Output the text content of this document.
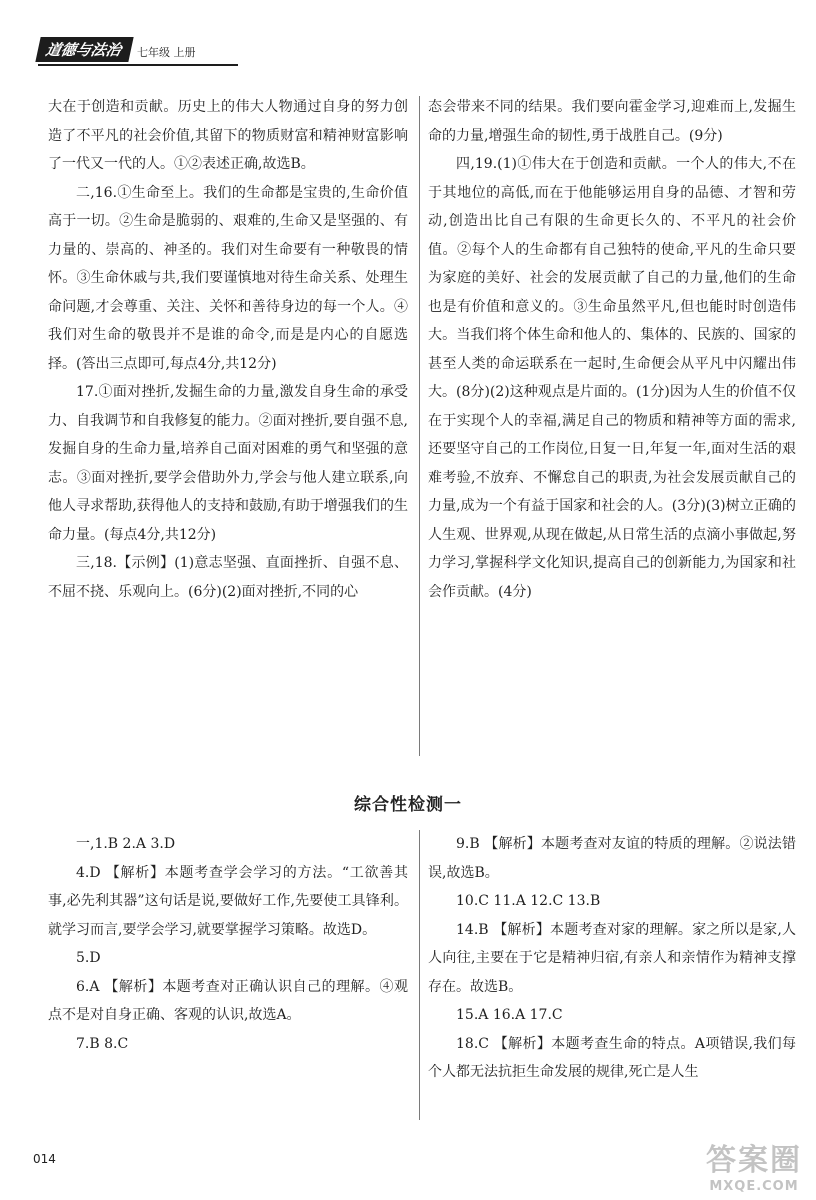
道德与法治	七年级 上册

大在于创造和贡献。历史上的伟大人物通过自身的努力创造了不平凡的社会价值,其留下的物质财富和精神财富影响了一代又一代的人。①②表述正确,故选B。

二,16.①生命至上。我们的生命都是宝贵的,生命价值高于一切。②生命是脆弱的、艰难的,生命又是坚强的、有力量的、崇高的、神圣的。我们对生命要有一种敬畏的情怀。③生命休戚与共,我们要谨慎地对待生命关系、处理生命问题,才会尊重、关注、关怀和善待身边的每一个人。④我们对生命的敬畏并不是谁的命令,而是是内心的自愿选择。(答出三点即可,每点4分,共12分)

17.①面对挫折,发掘生命的力量,激发自身生命的承受力、自我调节和自我修复的能力。②面对挫折,要自强不息,发掘自身的生命力量,培养自己面对困难的勇气和坚强的意志。③面对挫折,要学会借助外力,学会与他人建立联系,向他人寻求帮助,获得他人的支持和鼓励,有助于增强我们的生命力量。(每点4分,共12分)

三,18.【示例】(1)意志坚强、直面挫折、自强不息、不屈不挠、乐观向上。(6分)(2)面对挫折,不同的心

态会带来不同的结果。我们要向霍金学习,迎难而上,发掘生命的力量,增强生命的韧性,勇于战胜自己。(9分)

四,19.(1)①伟大在于创造和贡献。一个人的伟大,不在于其地位的高低,而在于他能够运用自身的品德、才智和劳动,创造出比自己有限的生命更长久的、不平凡的社会价值。②每个人的生命都有自己独特的使命,平凡的生命只要为家庭的美好、社会的发展贡献了自己的力量,他们的生命也是有价值和意义的。③生命虽然平凡,但也能时时创造伟大。当我们将个体生命和他人的、集体的、民族的、国家的甚至人类的命运联系在一起时,生命便会从平凡中闪耀出伟大。(8分)(2)这种观点是片面的。(1分)因为人生的价值不仅在于实现个人的幸福,满足自己的物质和精神等方面的需求,还要坚守自己的工作岗位,日复一日,年复一年,面对生活的艰难考验,不放弃、不懈怠自己的职责,为社会发展贡献自己的力量,成为一个有益于国家和社会的人。(3分)(3)树立正确的人生观、世界观,从现在做起,从日常生活的点滴小事做起,努力学习,掌握科学文化知识,提高自己的创新能力,为国家和社会作贡献。(4分)

综合性检测一

一,1.B 2.A 3.D

4.D 【解析】本题考查学会学习的方法。“工欲善其事,必先利其器”这句话是说,要做好工作,先要使工具锋利。就学习而言,要学会学习,就要掌握学习策略。故选D。

5.D

6.A 【解析】本题考查对正确认识自己的理解。④观点不是对自身正确、客观的认识,故选A。

7.B 8.C

9.B 【解析】本题考查对友谊的特质的理解。②说法错误,故选B。

10.C 11.A 12.C 13.B

14.B 【解析】本题考查对家的理解。家之所以是家,人人向往,主要在于它是精神归宿,有亲人和亲情作为精神支撑存在。故选B。

15.A 16.A 17.C

18.C 【解析】本题考查生命的特点。A项错误,我们每个人都无法抗拒生命发展的规律,死亡是人生

014	答案圈
MXQE.COM
